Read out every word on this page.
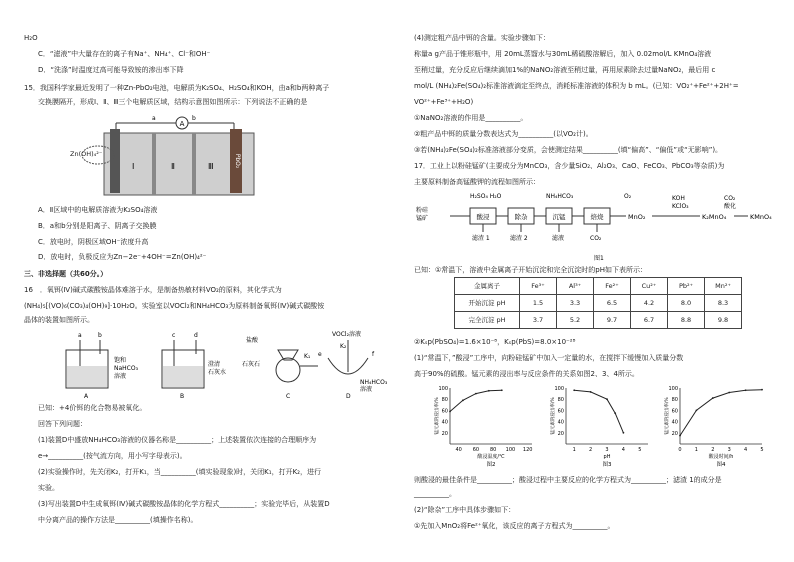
H₂O
C．“滤液”中大量存在的离子有Na⁺、NH₄⁺、Cl⁻和OH⁻
D．“洗涤”时温度过高可能导致铵的渗出率下降
15．我国科学家最近发明了一种Zn-PbO₂电池，电解质为K₂SO₄、H₂SO₄和KOH，由a和b两种离子
交换膜隔开，形成Ⅰ、Ⅱ、Ⅲ三个电解质区域，结构示意图如图所示：下列说法不正确的是
A
PbO₂
a	b
Ⅰ	Ⅱ	Ⅲ
Zn(OH)₄²⁻
A．Ⅱ区域中的电解质溶液为K₂SO₄溶液
B．a和b分别是阳离子、阴离子交换膜
C．放电时，阴极区域OH⁻浓度升高
D．放电时，负极反应为Zn−2e⁻+4OH⁻=Zn(OH)₄²⁻
三、非选择题（共60分。）
16　．氧铒(Ⅳ)碱式碳酸铵晶体难溶于水，是制备热敏材料VO₂的原料，其化学式为
(NH₄)₅[(VO)₆(CO₃)₄(OH)₉]·10H₂O。实验室以VOCl₂和NH₄HCO₃为原料制备氧铒(Ⅳ)碱式碳酸铵
晶体的装置如图所示。
a	b
饱和
NaHCO₃
溶液
A
c	d
澄清
石灰水
B
盐酸
石灰石
K₁
C
VOCl₂溶液
K₂
e	f
NH₄HCO₃
溶液
D
已知：+4价铒的化合物易被氧化。
回答下列问题：
(1)装置D中盛放NH₄HCO₃溶液的仪器名称是__________；上述装置依次连接的合理顺序为
e→__________(按气流方向，用小写字母表示)。
(2)实验操作时，先关闭K₂，打开K₁，当__________(填实验现象)时，关闭K₁，打开K₂，进行
实验。
(3)写出装置D中生成氧铒(Ⅳ)碱式碳酸铵晶体的化学方程式__________；实验完毕后，从装置D
中分离产品的操作方法是__________(填操作名称)。
(4)测定粗产品中铒的含量。实验步骤如下：
称量a g产品于锥形瓶中，用 20mL蒸馏水与30mL稀硫酸溶解后，加入 0.02mol/L KMnO₄溶液
至稍过量，充分反应后继续滴加1%的NaNO₂溶液至稍过量，再用尿素除去过量NaNO₂，最后用 c
mol/L (NH₄)₂Fe(SO₄)₂标准溶液滴定至终点，消耗标准溶液的体积为 b mL。(已知：VO₂⁺+Fe²⁺+2H⁺=
VO²⁺+Fe³⁺+H₂O)
①NaNO₂溶液的作用是__________。
②粗产品中铒的质量分数表达式为__________(以VO₂计)。
③若(NH₄)₂Fe(SO₄)₂标准溶液部分变质，会使测定结果__________(填“偏高”、“偏低”或“无影响”)。
17．工业上以粉硅锰矿(主要成分为MnCO₃，含少量SiO₂、Al₂O₃、CaO、FeCO₃、PbCO₃等杂质)为
主要原料制备高锰酸钾的流程如图所示：
粉硅
锰矿
H₂SO₄ H₂O	NH₄HCO₃	O₂	KOH
KClO₃
CO₂
酸化
酸浸	除杂	沉锰	焙烧	MnO₂	K₂MnO₄	KMnO₄
滤渣 1	滤渣 2	滤液	CO₂
图1
已知：①常温下，溶液中金属离子开始沉淀和完全沉淀时的pH如下表所示：
金属离子	Fe³⁺	Al³⁺	Fe²⁺	Cu²⁺	Pb²⁺	Mn²⁺
开始沉淀 pH	1.5	3.3	6.5	4.2	8.0	8.3
完全沉淀 pH	3.7	5.2	9.7	6.7	8.8	9.8
②Kₛp(PbSO₄)=1.6×10⁻⁸，Kₛp(PbS)=8.0×10⁻²⁸
(1)“常温下，”酸浸”工序中，向粉硅锰矿中加入一定量的水，在搅拌下缓慢加入质量分数
高于90%的硫酸。锰元素的浸出率与反应条件的关系如图2、3、4所示。
20
40
60
80
100
40 60 80 100 120
锰元素的浸出率/%
酸浸温度/℃
图2
20
40
60
80
100
1	2	3	4	5
锰元素的浸出率/%
pH
图3
20
40
60
80
100
0	1	2	3	4	5
锰元素的浸出率/%
酸浸时间/h
图4
则酸浸的最佳条件是__________；酸浸过程中主要反应的化学方程式为__________；滤渣 1的成分是
__________。
(2)“除杂”工序中具体步骤如下：
①先加入MnO₂将Fe²⁺氧化，该反应的离子方程式为__________。
